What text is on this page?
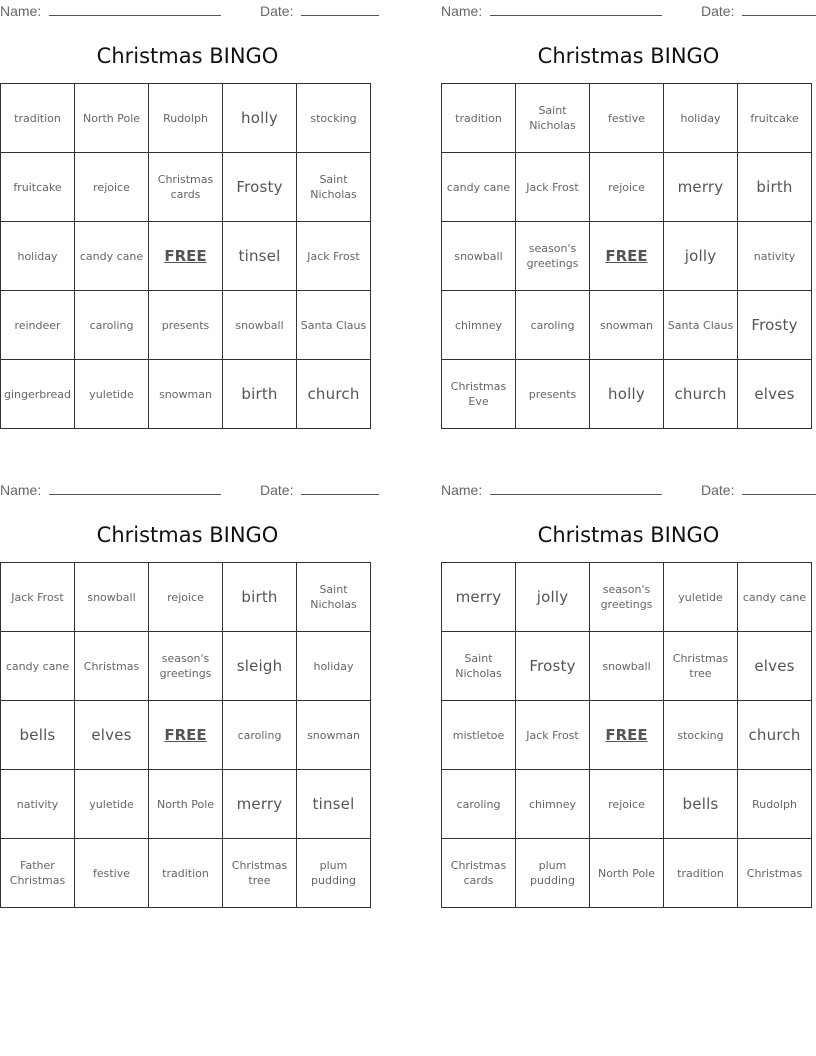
Name:	Date:
Christmas BINGO
tradition	North Pole	Rudolph	holly	stocking
fruitcake	rejoice	Christmas cards	Frosty	Saint Nicholas
holiday	candy cane	FREE	tinsel	Jack Frost
reindeer	caroling	presents	snowball	Santa Claus
gingerbread	yuletide	snowman	birth	church
Name:	Date:
Christmas BINGO
tradition	Saint Nicholas	festive	holiday	fruitcake
candy cane	Jack Frost	rejoice	merry	birth
snowball	season's greetings	FREE	jolly	nativity
chimney	caroling	snowman	Santa Claus	Frosty
Christmas Eve	presents	holly	church	elves
Name:	Date:
Christmas BINGO
Jack Frost	snowball	rejoice	birth	Saint Nicholas
candy cane	Christmas	season's greetings	sleigh	holiday
bells	elves	FREE	caroling	snowman
nativity	yuletide	North Pole	merry	tinsel
Father Christmas	festive	tradition	Christmas tree	plum pudding
Name:	Date:
Christmas BINGO
merry	jolly	season's greetings	yuletide	candy cane
Saint Nicholas	Frosty	snowball	Christmas tree	elves
mistletoe	Jack Frost	FREE	stocking	church
caroling	chimney	rejoice	bells	Rudolph
Christmas cards	plum pudding	North Pole	tradition	Christmas
